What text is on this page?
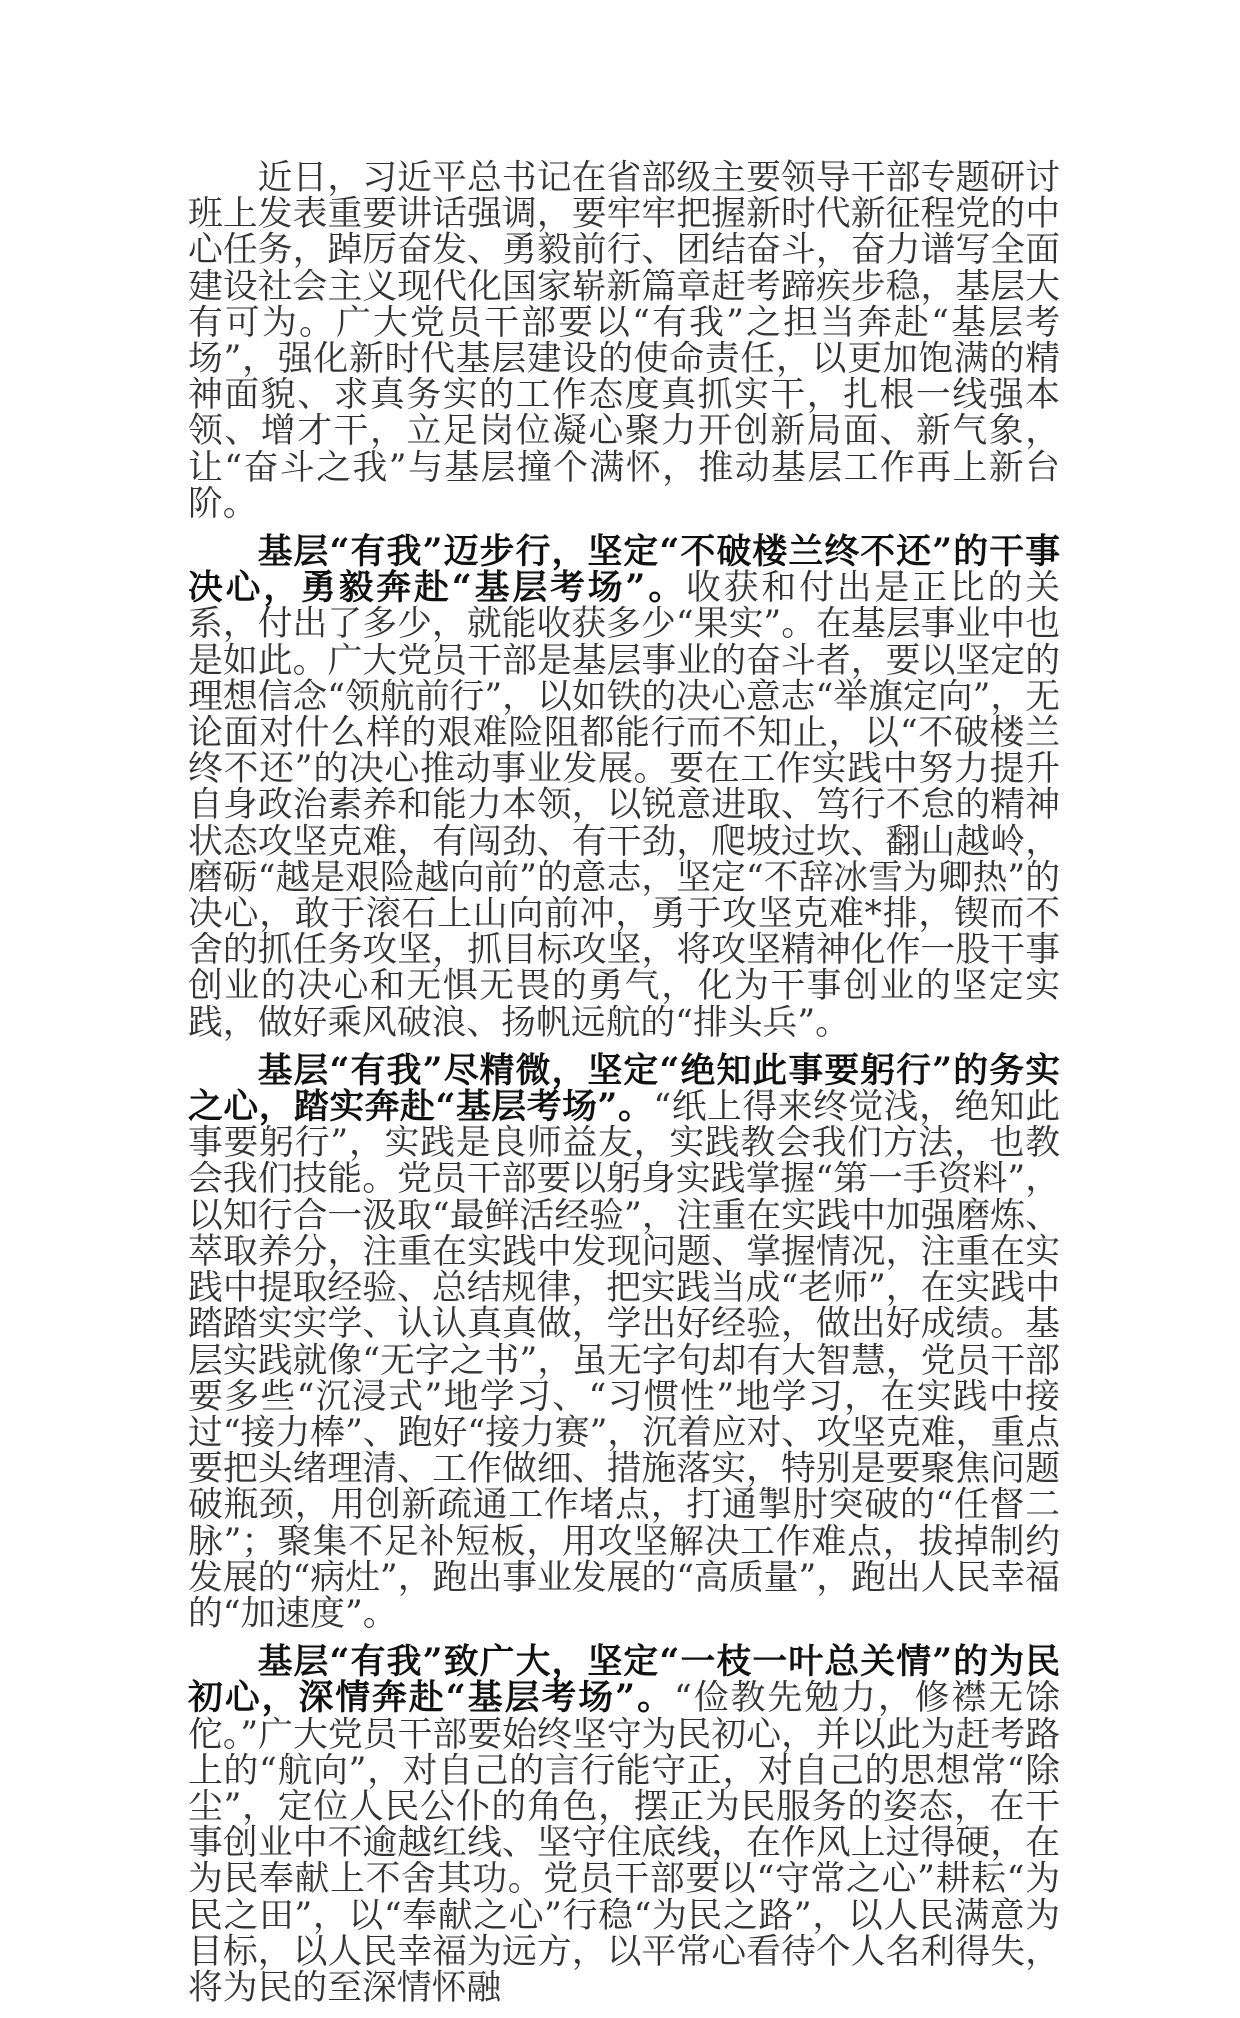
近日，习近平总书记在省部级主要领导干部专题研讨班上发表重要讲话强调，要牢牢把握新时代新征程党的中心任务，踔厉奋发、勇毅前行、团结奋斗，奋力谱写全面建设社会主义现代化国家崭新篇章赶考蹄疾步稳，基层大有可为。广大党员干部要以“有我”之担当奔赴“基层考场”，强化新时代基层建设的使命责任，以更加饱满的精神面貌、求真务实的工作态度真抓实干，扎根一线强本领、增才干，立足岗位凝心聚力开创新局面、新气象，让“奋斗之我”与基层撞个满怀，推动基层工作再上新台阶。

基层“有我”迈步行，坚定“不破楼兰终不还”的干事决心，勇毅奔赴“基层考场”。收获和付出是正比的关系，付出了多少，就能收获多少“果实”。在基层事业中也是如此。广大党员干部是基层事业的奋斗者，要以坚定的理想信念“领航前行”，以如铁的决心意志“举旗定向”，无论面对什么样的艰难险阻都能行而不知止，以“不破楼兰终不还”的决心推动事业发展。要在工作实践中努力提升自身政治素养和能力本领，以锐意进取、笃行不怠的精神状态攻坚克难，有闯劲、有干劲，爬坡过坎、翻山越岭，磨砺“越是艰险越向前”的意志，坚定“不辞冰雪为卿热”的决心，敢于滚石上山向前冲，勇于攻坚克难*排，锲而不舍的抓任务攻坚，抓目标攻坚，将攻坚精神化作一股干事创业的决心和无惧无畏的勇气，化为干事创业的坚定实践，做好乘风破浪、扬帆远航的“排头兵”。

基层“有我”尽精微，坚定“绝知此事要躬行”的务实之心，踏实奔赴“基层考场”。“纸上得来终觉浅，绝知此事要躬行”，实践是良师益友，实践教会我们方法，也教会我们技能。党员干部要以躬身实践掌握“第一手资料”，以知行合一汲取“最鲜活经验”，注重在实践中加强磨炼、萃取养分，注重在实践中发现问题、掌握情况，注重在实践中提取经验、总结规律，把实践当成“老师”，在实践中踏踏实实学、认认真真做，学出好经验，做出好成绩。基层实践就像“无字之书”，虽无字句却有大智慧，党员干部要多些“沉浸式”地学习、“习惯性”地学习，在实践中接过“接力棒”、跑好“接力赛”，沉着应对、攻坚克难，重点要把头绪理清、工作做细、措施落实，特别是要聚焦问题破瓶颈，用创新疏通工作堵点，打通掣肘突破的“任督二脉”；聚集不足补短板，用攻坚解决工作难点，拔掉制约发展的“病灶”，跑出事业发展的“高质量”，跑出人民幸福的“加速度”。

基层“有我”致广大，坚定“一枝一叶总关情”的为民初心，深情奔赴“基层考场”。“俭教先勉力，修襟无馀佗。”广大党员干部要始终坚守为民初心，并以此为赶考路上的“航向”，对自己的言行能守正，对自己的思想常“除尘”，定位人民公仆的角色，摆正为民服务的姿态，在干事创业中不逾越红线、坚守住底线，在作风上过得硬，在为民奉献上不舍其功。党员干部要以“守常之心”耕耘“为民之田”，以“奉献之心”行稳“为民之路”，以人民满意为目标，以人民幸福为远方，以平常心看待个人名利得失，将为民的至深情怀融
